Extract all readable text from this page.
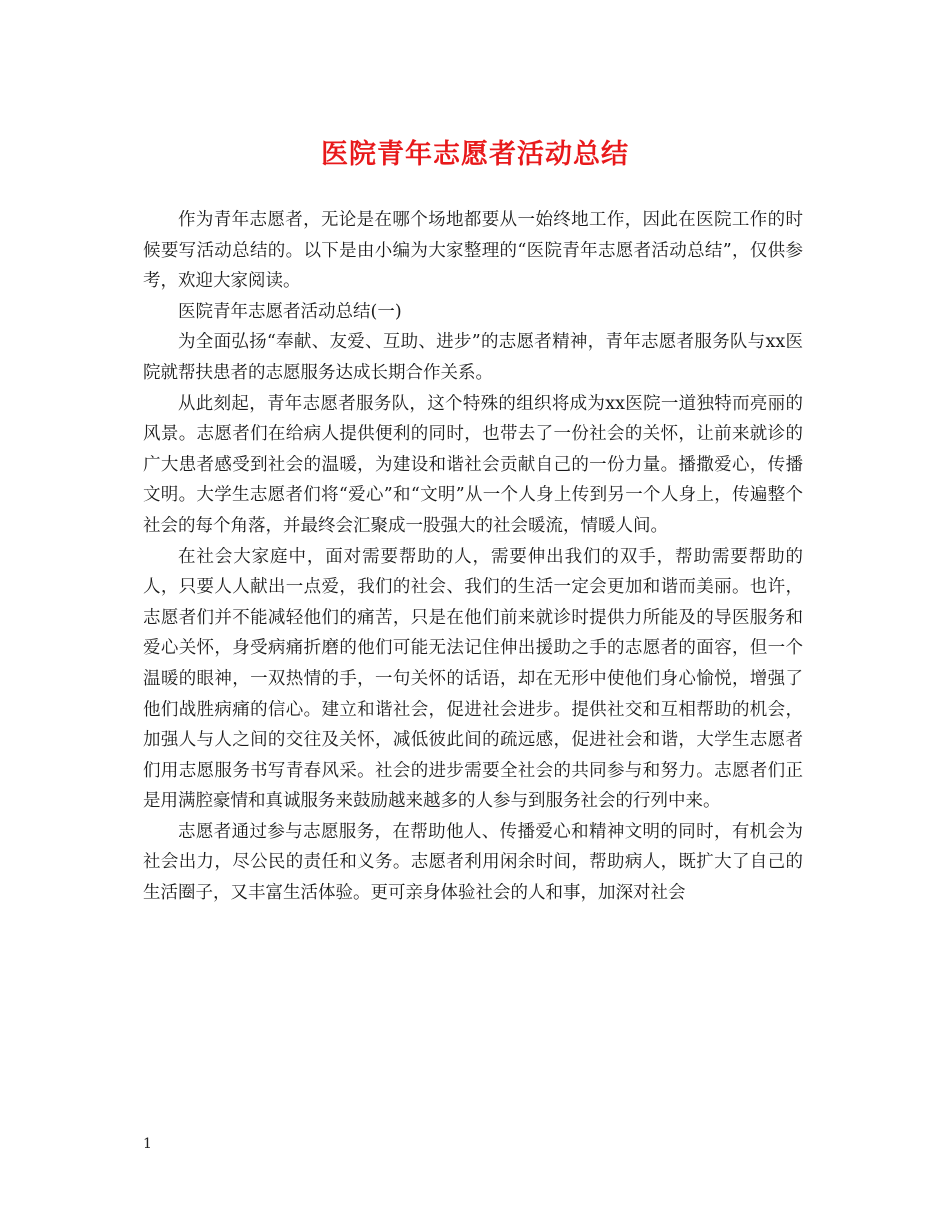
医院青年志愿者活动总结

作为青年志愿者，无论是在哪个场地都要从一始终地工作，因此在医院工作的时候要写活动总结的。以下是由小编为大家整理的“医院青年志愿者活动总结”，仅供参考，欢迎大家阅读。

医院青年志愿者活动总结(一)

为全面弘扬“奉献、友爱、互助、进步”的志愿者精神，青年志愿者服务队与xx医院就帮扶患者的志愿服务达成长期合作关系。

从此刻起，青年志愿者服务队，这个特殊的组织将成为xx医院一道独特而亮丽的风景。志愿者们在给病人提供便利的同时，也带去了一份社会的关怀，让前来就诊的广大患者感受到社会的温暖，为建设和谐社会贡献自己的一份力量。播撒爱心，传播文明。大学生志愿者们将“爱心”和“文明”从一个人身上传到另一个人身上，传遍整个社会的每个角落，并最终会汇聚成一股强大的社会暖流，情暖人间。

在社会大家庭中，面对需要帮助的人，需要伸出我们的双手，帮助需要帮助的人，只要人人献出一点爱，我们的社会、我们的生活一定会更加和谐而美丽。也许，志愿者们并不能减轻他们的痛苦，只是在他们前来就诊时提供力所能及的导医服务和爱心关怀，身受病痛折磨的他们可能无法记住伸出援助之手的志愿者的面容，但一个温暖的眼神，一双热情的手，一句关怀的话语，却在无形中使他们身心愉悦，增强了他们战胜病痛的信心。建立和谐社会，促进社会进步。提供社交和互相帮助的机会，加强人与人之间的交往及关怀，减低彼此间的疏远感，促进社会和谐，大学生志愿者们用志愿服务书写青春风采。社会的进步需要全社会的共同参与和努力。志愿者们正是用满腔豪情和真诚服务来鼓励越来越多的人参与到服务社会的行列中来。

志愿者通过参与志愿服务，在帮助他人、传播爱心和精神文明的同时，有机会为社会出力，尽公民的责任和义务。志愿者利用闲余时间，帮助病人，既扩大了自己的生活圈子，又丰富生活体验。更可亲身体验社会的人和事，加深对社会

1
